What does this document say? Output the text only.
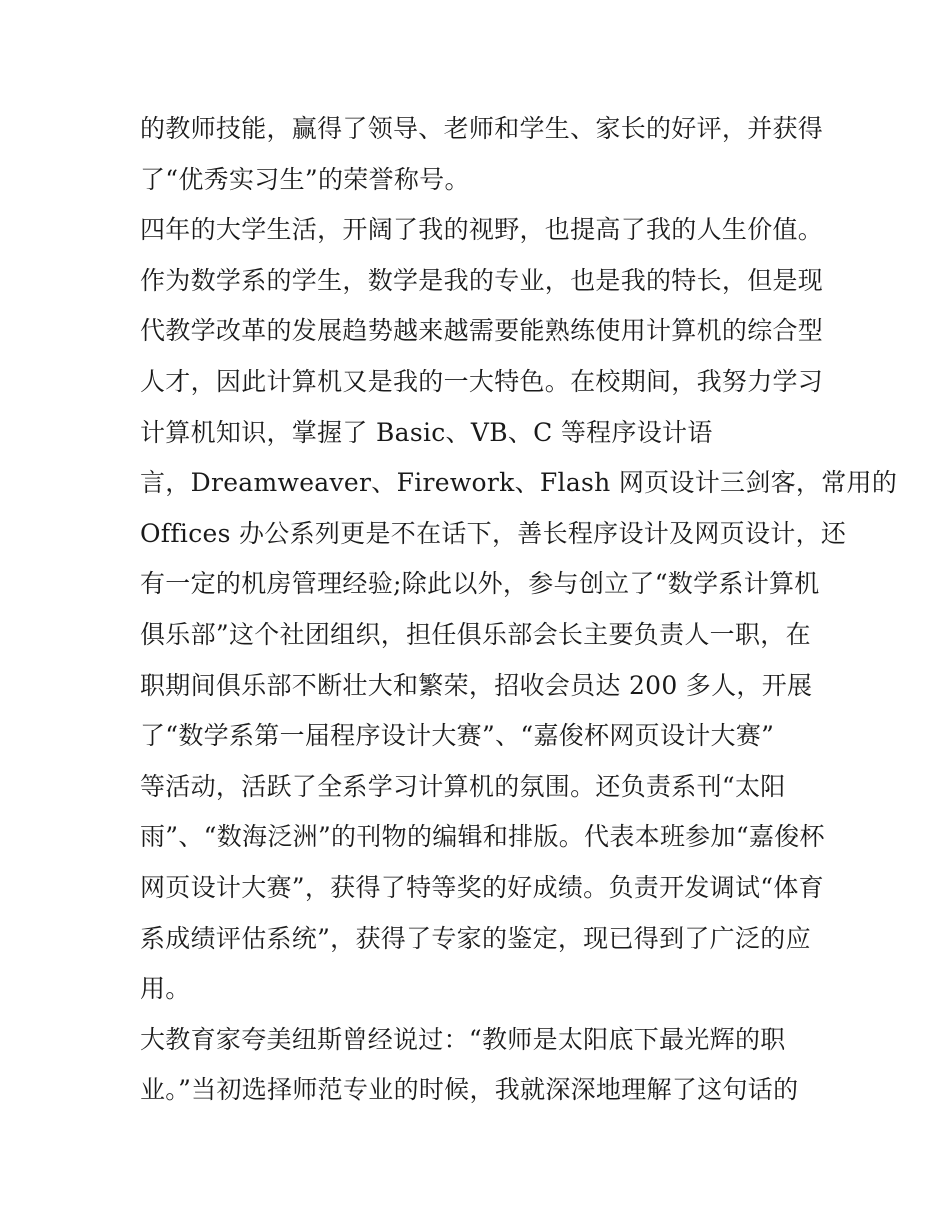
的教师技能，赢得了领导、老师和学生、家长的好评，并获得
了“优秀实习生”的荣誉称号。
四年的大学生活，开阔了我的视野，也提高了我的人生价值。
作为数学系的学生，数学是我的专业，也是我的特长，但是现
代教学改革的发展趋势越来越需要能熟练使用计算机的综合型
人才，因此计算机又是我的一大特色。在校期间，我努力学习
计算机知识，掌握了 Basic、VB、C 等程序设计语
言，Dreamweaver、Firework、Flash 网页设计三剑客，常用的
Offices 办公系列更是不在话下，善长程序设计及网页设计，还
有一定的机房管理经验;除此以外，参与创立了“数学系计算机
俱乐部”这个社团组织，担任俱乐部会长主要负责人一职，在
职期间俱乐部不断壮大和繁荣，招收会员达 200 多人，开展
了“数学系第一届程序设计大赛”、“嘉俊杯网页设计大赛”
等活动，活跃了全系学习计算机的氛围。还负责系刊“太阳
雨”、“数海泛洲”的刊物的编辑和排版。代表本班参加“嘉俊杯
网页设计大赛”，获得了特等奖的好成绩。负责开发调试“体育
系成绩评估系统”，获得了专家的鉴定，现已得到了广泛的应
用。
大教育家夸美纽斯曾经说过：“教师是太阳底下最光辉的职
业。”当初选择师范专业的时候，我就深深地理解了这句话的
